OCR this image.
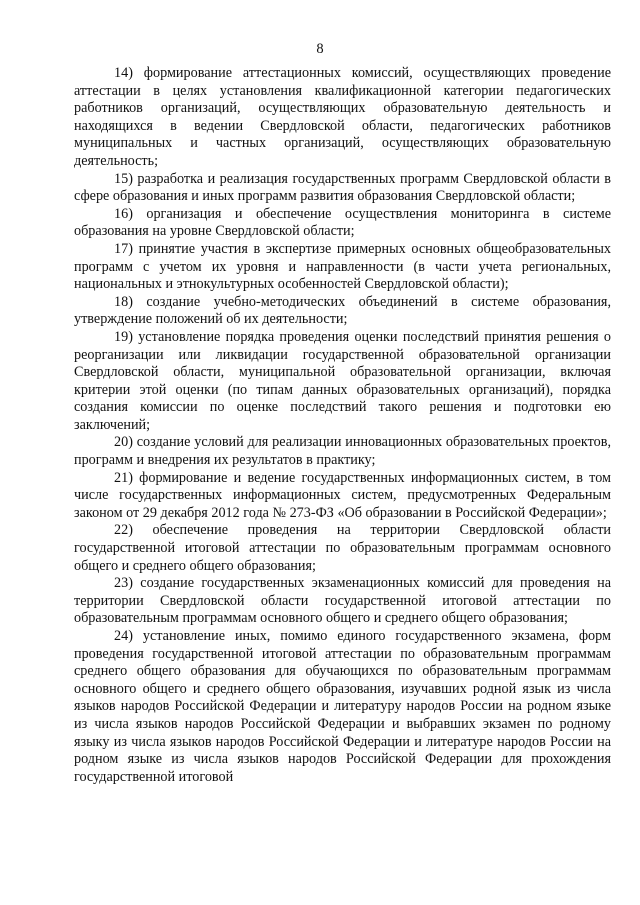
8

14) формирование аттестационных комиссий, осуществляющих проведение аттестации в целях установления квалификационной категории педагогических работников организаций, осуществляющих образовательную деятельность и находящихся в ведении Свердловской области, педагогических работников муниципальных и частных организаций, осуществляющих образовательную деятельность;

15) разработка и реализация государственных программ Свердловской области в сфере образования и иных программ развития образования Свердловской области;

16) организация и обеспечение осуществления мониторинга в системе образования на уровне Свердловской области;

17) принятие участия в экспертизе примерных основных общеобразовательных программ с учетом их уровня и направленности (в части учета региональных, национальных и этнокультурных особенностей Свердловской области);

18) создание учебно-методических объединений в системе образования, утверждение положений об их деятельности;

19) установление порядка проведения оценки последствий принятия решения о реорганизации или ликвидации государственной образовательной организации Свердловской области, муниципальной образовательной организации, включая критерии этой оценки (по типам данных образовательных организаций), порядка создания комиссии по оценке последствий такого решения и подготовки ею заключений;

20) создание условий для реализации инновационных образовательных проектов, программ и внедрения их результатов в практику;

21) формирование и ведение государственных информационных систем, в том числе государственных информационных систем, предусмотренных Федеральным законом от 29 декабря 2012 года № 273-ФЗ «Об образовании в Российской Федерации»;

22) обеспечение проведения на территории Свердловской области государственной итоговой аттестации по образовательным программам основного общего и среднего общего образования;

23) создание государственных экзаменационных комиссий для проведения на территории Свердловской области государственной итоговой аттестации по образовательным программам основного общего и среднего общего образования;

24) установление иных, помимо единого государственного экзамена, форм проведения государственной итоговой аттестации по образовательным программам среднего общего образования для обучающихся по образовательным программам основного общего и среднего общего образования, изучавших родной язык из числа языков народов Российской Федерации и литературу народов России на родном языке из числа языков народов Российской Федерации и выбравших экзамен по родному языку из числа языков народов Российской Федерации и литературе народов России на родном языке из числа языков народов Российской Федерации для прохождения государственной итоговой
